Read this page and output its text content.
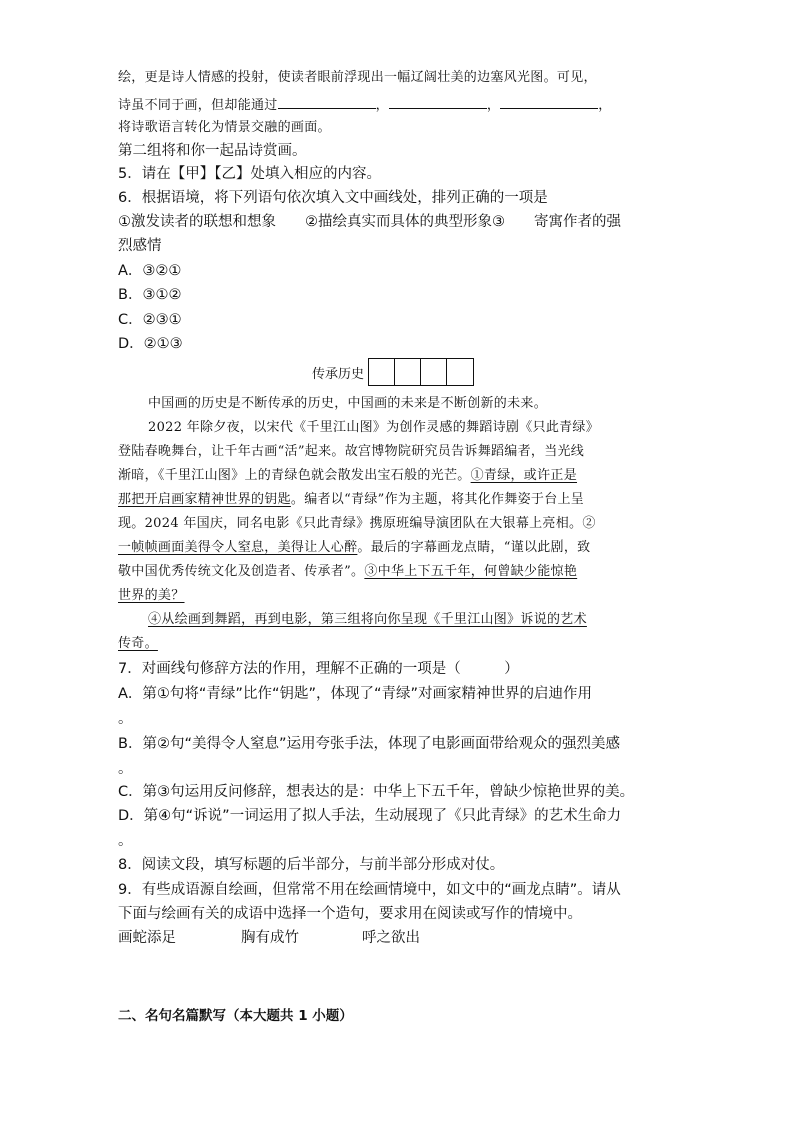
绘，更是诗人情感的投射，使读者眼前浮现出一幅辽阔壮美的边塞风光图。可见，
诗虽不同于画，但却能通过	，	，	，
将诗歌语言转化为情景交融的画面。
第二组将和你一起品诗赏画。
5．请在【甲】【乙】处填入相应的内容。
6．根据语境，将下列语句依次填入文中画线处，排列正确的一项是
①激发读者的联想和想象　　②描绘真实而具体的典型形象③　　寄寓作者的强
烈感情
A．③②①
B．③①②
C．②③①
D．②①③
传承历史
中国画的历史是不断传承的历史，中国画的未来是不断创新的未来。
2022 年除夕夜，以宋代《千里江山图》为创作灵感的舞蹈诗剧《只此青绿》
登陆春晚舞台，让千年古画“活”起来。故宫博物院研究员告诉舞蹈编者，当光线
渐暗，《千里江山图》上的青绿色就会散发出宝石般的光芒。①青绿，或许正是
那把开启画家精神世界的钥匙。编者以“青绿”作为主题，将其化作舞姿于台上呈
现。2024 年国庆，同名电影《只此青绿》携原班编导演团队在大银幕上亮相。②
一帧帧画面美得令人窒息，美得让人心醉。最后的字幕画龙点睛，“谨以此剧，致
敬中国优秀传统文化及创造者、传承者”。③中华上下五千年，何曾缺少能惊艳
世界的美？
④从绘画到舞蹈，再到电影，第三组将向你呈现《千里江山图》诉说的艺术
传奇。
7．对画线句修辞方法的作用，理解不正确的一项是（　　　）
A．第①句将“青绿”比作“钥匙”，体现了“青绿”对画家精神世界的启迪作用
。
B．第②句“美得令人窒息”运用夸张手法，体现了电影画面带给观众的强烈美感
。
C．第③句运用反问修辞，想表达的是：中华上下五千年，曾缺少惊艳世界的美。
D．第④句“诉说”一词运用了拟人手法，生动展现了《只此青绿》的艺术生命力
。
8．阅读文段，填写标题的后半部分，与前半部分形成对仗。
9．有些成语源自绘画，但常常不用在绘画情境中，如文中的“画龙点睛”。请从
下面与绘画有关的成语中选择一个造句，要求用在阅读或写作的情境中。
画蛇添足	胸有成竹	呼之欲出
二、名句名篇默写（本大题共 1 小题）
